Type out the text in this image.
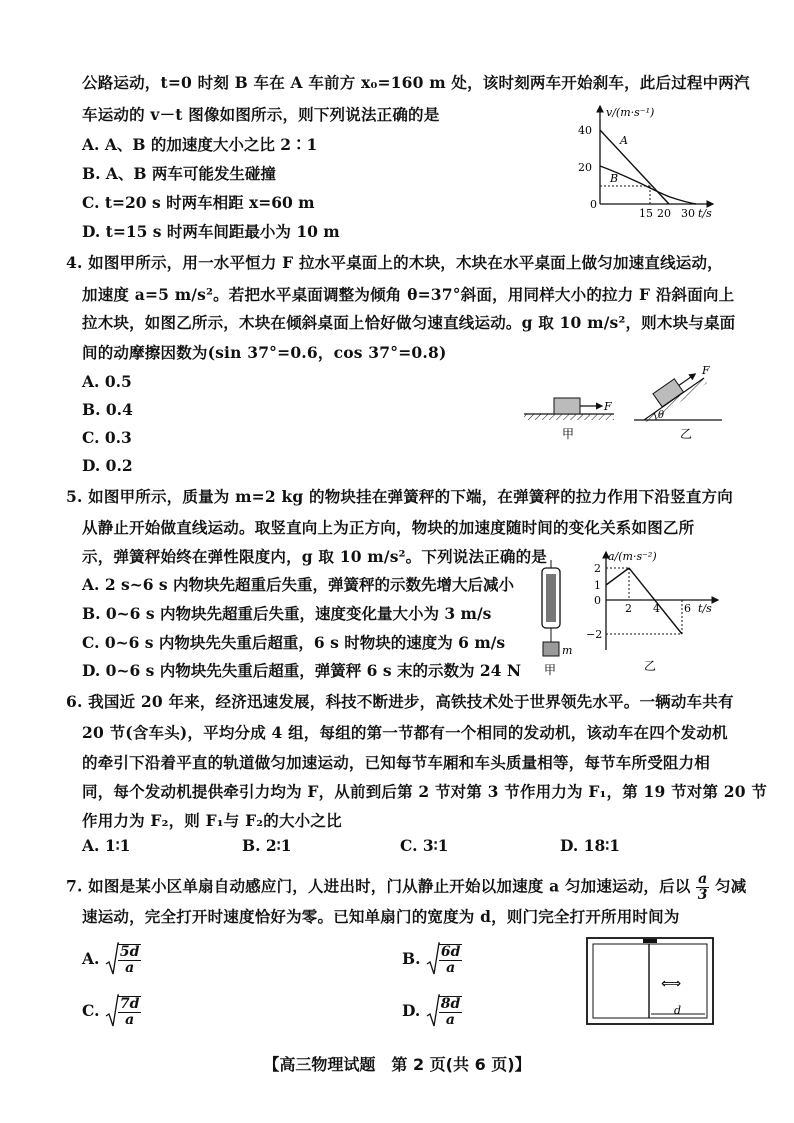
公路运动，t=0 时刻 B 车在 A 车前方 x₀=160 m 处，该时刻两车开始刹车，此后过程中两汽
车运动的 v－t 图像如图所示，则下列说法正确的是
A. A、B 的加速度大小之比 2∶1
B. A、B 两车可能发生碰撞
C. t=20 s 时两车相距 x=60 m
D. t=15 s 时两车间距最小为 10 m
v/(m·s⁻¹)
40
20
0
A
B
15 20 30 t/s
4. 如图甲所示，用一水平恒力 F 拉水平桌面上的木块，木块在水平桌面上做匀加速直线运动，
加速度 a=5 m/s²。若把水平桌面调整为倾角 θ=37°斜面，用同样大小的拉力 F 沿斜面向上
拉木块，如图乙所示，木块在倾斜桌面上恰好做匀速直线运动。g 取 10 m/s²，则木块与桌面
间的动摩擦因数为(sin 37°=0.6，cos 37°=0.8)
A. 0.5
B. 0.4
C. 0.3
D. 0.2
F
甲
F
θ
乙
5. 如图甲所示，质量为 m=2 kg 的物块挂在弹簧秤的下端，在弹簧秤的拉力作用下沿竖直方向
从静止开始做直线运动。取竖直向上为正方向，物块的加速度随时间的变化关系如图乙所
示，弹簧秤始终在弹性限度内，g 取 10 m/s²。下列说法正确的是
A. 2 s~6 s 内物块先超重后失重，弹簧秤的示数先增大后减小
B. 0~6 s 内物块先超重后失重，速度变化量大小为 3 m/s
C. 0~6 s 内物块先失重后超重，6 s 时物块的速度为 6 m/s
D. 0~6 s 内物块先失重后超重，弹簧秤 6 s 末的示数为 24 N
m
甲
a/(m·s⁻²)
2
1
0
−2
2 4 6 t/s
乙
6. 我国近 20 年来，经济迅速发展，科技不断进步，高铁技术处于世界领先水平。一辆动车共有
20 节(含车头)，平均分成 4 组，每组的第一节都有一个相同的发动机，该动车在四个发动机
的牵引下沿着平直的轨道做匀加速运动，已知每节车厢和车头质量相等，每节车所受阻力相
同，每个发动机提供牵引力均为 F，从前到后第 2 节对第 3 节作用力为 F₁，第 19 节对第 20 节
作用力为 F₂，则 F₁与 F₂的大小之比
A. 1∶1	B. 2∶1	C. 3∶1	D. 18∶1
7. 如图是某小区单扇自动感应门，人进出时，门从静止开始以加速度 a 匀加速运动，后以 $\frac{a}{3}$ 匀减
速运动，完全打开时速度恰好为零。已知单扇门的宽度为 d，则门完全打开所用时间为
A. $\frac{5d}{a}$	B. $\frac{6d}{a}$
C. $\frac{7d}{a}$	D. $\frac{8d}{a}$
⟺
d
【高三物理试题　第 2 页(共 6 页)】
